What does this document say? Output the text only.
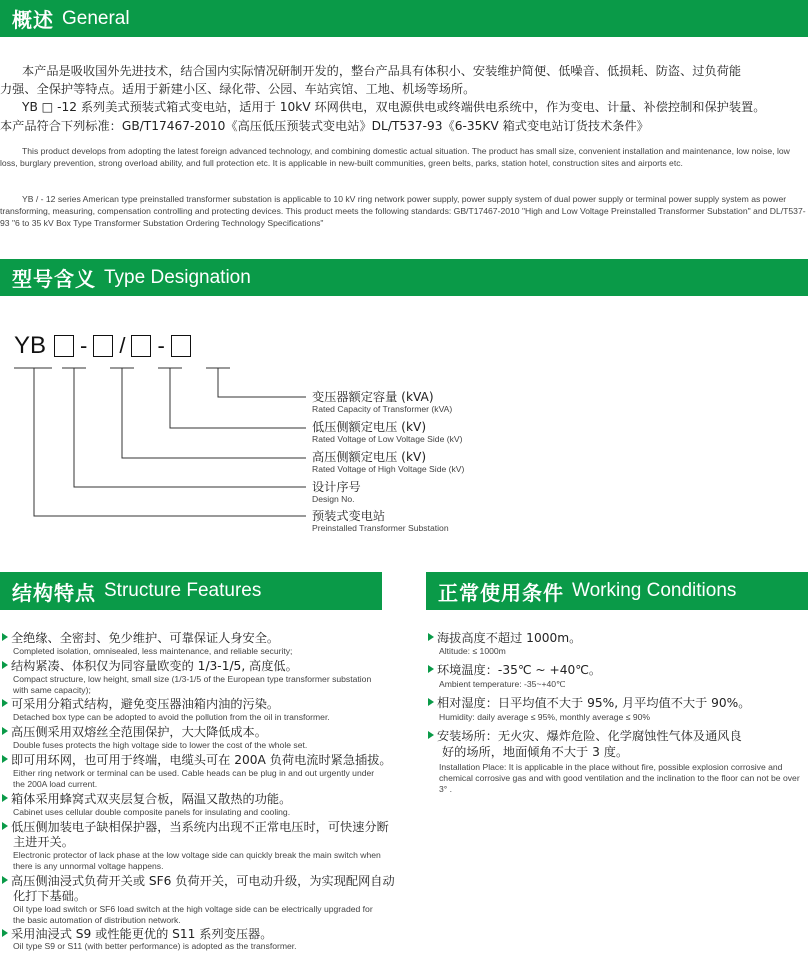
概述 General
本产品是吸收国外先进技术，结合国内实际情况研制开发的，整台产品具有体积小、安装维护简便、低噪音、低损耗、防盗、过负荷能
力强、全保护等特点。适用于新建小区、绿化带、公园、车站宾馆、工地、机场等场所。
YB □ -12 系列美式预装式箱式变电站，适用于 10kV 环网供电，双电源供电或终端供电系统中，作为变电、计量、补偿控制和保护装置。
本产品符合下列标准：GB/T17467-2010《高压低压预装式变电站》DL/T537-93《6-35KV 箱式变电站订货技术条件》
This product develops from adopting the latest foreign advanced technology, and combining domestic actual situation. The product has small size, convenient installation and maintenance, low noise, low loss, burglary prevention, strong overload ability, and full protection etc. It is applicable in new-built communities, green belts, parks, station hotel, construction sites and airports etc.
YB / - 12 series American type preinstalled transformer substation is applicable to 10 kV ring network power supply, power supply system of dual power supply or terminal power supply system as power transforming, measuring, compensation controlling and protecting devices. This product meets the following standards: GB/T17467-2010 "High and Low Voltage Preinstalled Transformer Substation" and DL/T537-93 "6 to 35 kV Box Type Transformer Substation Ordering Technology Specifications"
型号含义 Type Designation
YB - / -
变压器额定容量 (kVA)
Rated Capacity of Transformer (kVA)
低压侧额定电压 (kV)
Rated Voltage of Low Voltage Side (kV)
高压侧额定电压 (kV)
Rated Voltage of High Voltage Side (kV)
设计序号
Design No.
预装式变电站
Preinstalled Transformer Substation
结构特点 Structure Features
全绝缘、全密封、免少维护、可靠保证人身安全。
Completed isolation, omnisealed, less maintenance, and reliable security;
结构紧凑、体积仅为同容量欧变的 1/3-1/5, 高度低。
Compact structure, low height, small size (1/3-1/5 of the European type transformer substation with same capacity);
可采用分箱式结构，避免变压器油箱内油的污染。
Detached box type can be adopted to avoid the pollution from the oil in transformer.
高压侧采用双熔丝全范围保护，大大降低成本。
Double fuses protects the high voltage side to lower the cost of the whole set.
即可用环网，也可用于终端，电缆头可在 200A 负荷电流时紧急插拔。
Either ring network or terminal can be used. Cable heads can be plug in and out urgently under the 200A load current.
箱体采用蜂窝式双夹层复合板，隔温又散热的功能。
Cabinet uses cellular double composite panels for insulating and cooling.
低压侧加装电子缺相保护器，当系统内出现不正常电压时，可快速分断
主进开关。
Electronic protector of lack phase at the low voltage side can quickly break the main switch when there is any unnormal voltage happens.
高压侧油浸式负荷开关或 SF6 负荷开关，可电动升级，为实现配网自动
化打下基础。
Oil type load switch or SF6 load switch at the high voltage side can be electrically upgraded for the basic automation of distribution network.
采用油浸式 S9 或性能更优的 S11 系列变压器。
Oil type S9 or S11 (with better performance) is adopted as the transformer.
正常使用条件 Working Conditions
海拔高度不超过 1000m。
Altitude: ≤ 1000m
环境温度：-35℃ ~ +40℃。
Ambient temperature: -35~+40℃
相对湿度：日平均值不大于 95%, 月平均值不大于 90%。
Humidity: daily average ≤ 95%, monthly average ≤ 90%
安装场所：无火灾、爆炸危险、化学腐蚀性气体及通风良
好的场所，地面倾角不大于 3 度。
Installation Place: It is applicable in the place without fire, possible explosion corrosive and chemical corrosive gas and with good ventilation and the inclination to the floor can not be over 3° .
